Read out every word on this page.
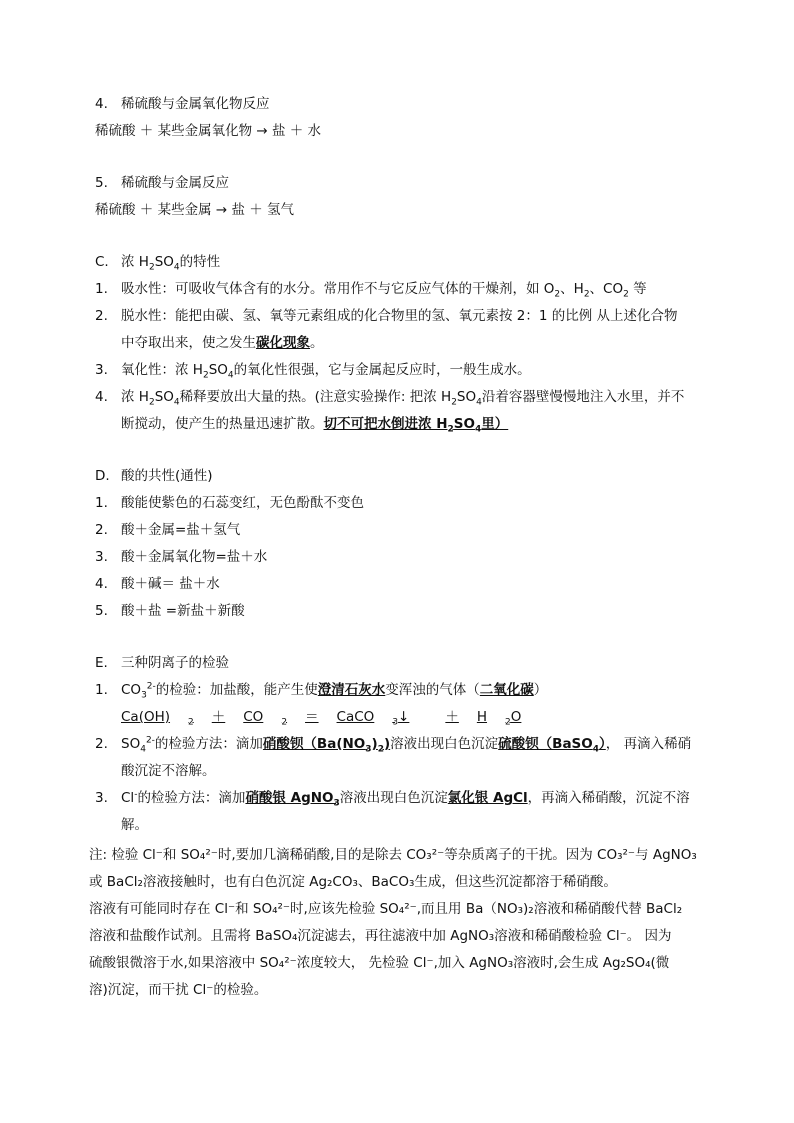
4. 稀硫酸与金属氧化物反应
稀硫酸 ＋ 某些金属氧化物 → 盐 ＋ 水
5. 稀硫酸与金属反应
稀硫酸 ＋ 某些金属 → 盐 ＋ 氢气
C. 浓 $H_2SO_4$的特性
1. 吸水性：可吸收气体含有的水分。常用作不与它反应气体的干燥剂，如 $O_2$、$H_2$、$CO_2$ 等
2. 脱水性：能把由碳、氢、氧等元素组成的化合物里的氢、氧元素按 2：1 的比例 从上述化合物
中夺取出来，使之发生碳化现象。
3. 氧化性：浓 $H_2SO_4$的氧化性很强，它与金属起反应时，一般生成水。
4. 浓 $H_2SO_4$稀释要放出大量的热。(注意实验操作: 把浓 $H_2SO_4$沿着容器壁慢慢地注入水里，并不
断搅动，使产生的热量迅速扩散。切不可把水倒进浓 $H_2SO_4$里）
D. 酸的共性(通性)
1. 酸能使紫色的石蕊变红，无色酚酞不变色
2. 酸＋金属=盐＋氢气
3. 酸＋金属氧化物=盐＋水
4. 酸＋碱＝ 盐＋水
5. 酸＋盐 =新盐＋新酸
E. 三种阴离子的检验
1. $CO_3^{2-}$的检验：加盐酸，能产生使澄清石灰水变浑浊的气体（二氧化碳）
Ca(OH) $_2$ ＋ CO $_2$ ＝ CaCO $_3$↓	＋ H $_2$O
2. $SO_4^{2-}$的检验方法：滴加硝酸钡$(Ba(NO_3)_2)$溶液出现白色沉淀硫酸钡（BaSO$_4$）， 再滴入稀硝
酸沉淀不溶解。
3. Cl-的检验方法：滴加硝酸银 AgNO$_3$溶液出现白色沉淀氯化银 AgCl，再滴入稀硝酸，沉淀不溶
解。
注: 检验 Cl⁻和 SO₄²⁻时,要加几滴稀硝酸,目的是除去 CO₃²⁻等杂质离子的干扰。因为 CO₃²⁻与 AgNO₃
或 BaCl₂溶液接触时，也有白色沉淀 Ag₂CO₃、BaCO₃生成，但这些沉淀都溶于稀硝酸。
溶液有可能同时存在 Cl⁻和 SO₄²⁻时,应该先检验 SO₄²⁻,而且用 Ba（NO₃)₂溶液和稀硝酸代替 BaCl₂
溶液和盐酸作试剂。且需将 BaSO₄沉淀滤去，再往滤液中加 AgNO₃溶液和稀硝酸检验 Cl⁻。 因为
硫酸银微溶于水,如果溶液中 SO₄²⁻浓度较大， 先检验 Cl⁻,加入 AgNO₃溶液时,会生成 Ag₂SO₄(微
溶)沉淀，而干扰 Cl⁻的检验。
